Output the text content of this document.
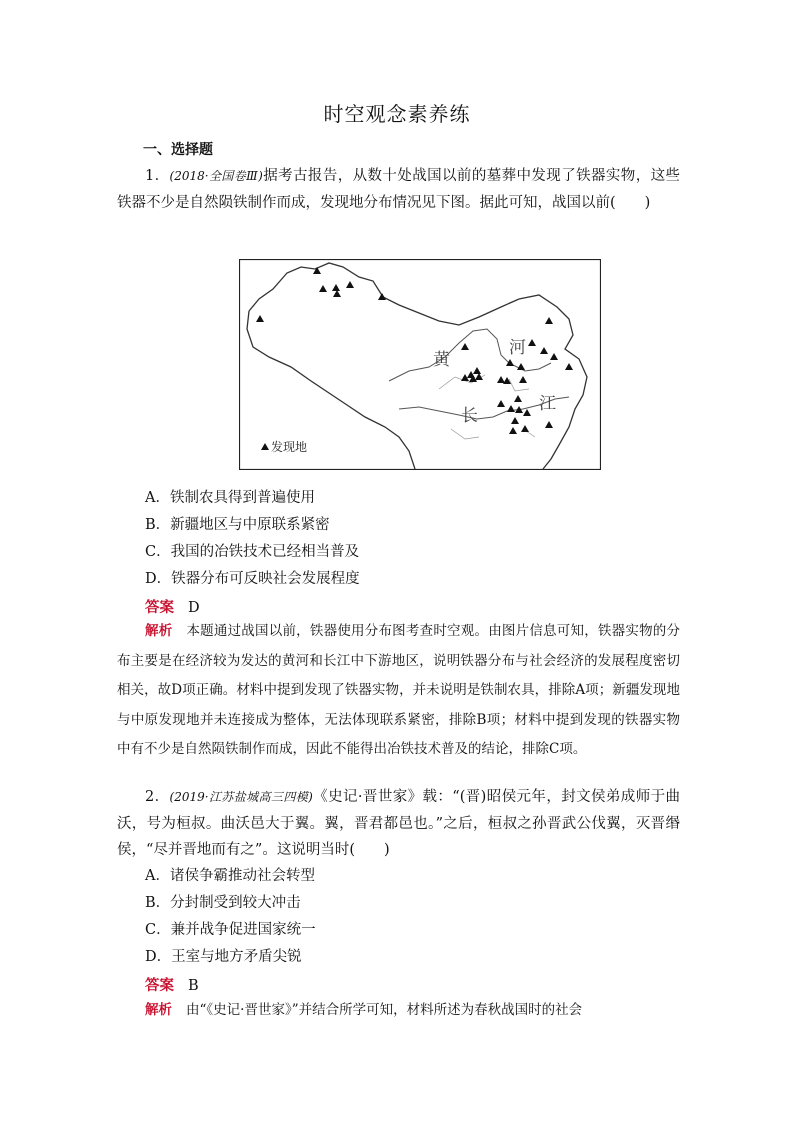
时空观念素养练
一、选择题
1．(2018·全国卷Ⅲ)据考古报告，从数十处战国以前的墓葬中发现了铁器实物，这些铁器不少是自然陨铁制作而成，发现地分布情况见下图。据此可知，战国以前(　　)
黄
河
长
江
发现地
A．铁制农具得到普遍使用
B．新疆地区与中原联系紧密
C．我国的冶铁技术已经相当普及
D．铁器分布可反映社会发展程度
答案 D
解析 本题通过战国以前，铁器使用分布图考查时空观。由图片信息可知，铁器实物的分布主要是在经济较为发达的黄河和长江中下游地区，说明铁器分布与社会经济的发展程度密切相关，故D项正确。材料中提到发现了铁器实物，并未说明是铁制农具，排除A项；新疆发现地与中原发现地并未连接成为整体，无法体现联系紧密，排除B项；材料中提到发现的铁器实物中有不少是自然陨铁制作而成，因此不能得出冶铁技术普及的结论，排除C项。
2．(2019·江苏盐城高三四模)《史记·晋世家》载：“(晋)昭侯元年，封文侯弟成师于曲沃，号为桓叔。曲沃邑大于翼。翼，晋君都邑也。”之后，桓叔之孙晋武公伐翼，灭晋缗侯，“尽并晋地而有之”。这说明当时(　　)
A．诸侯争霸推动社会转型
B．分封制受到较大冲击
C．兼并战争促进国家统一
D．王室与地方矛盾尖锐
答案 B
解析 由“《史记·晋世家》”并结合所学可知，材料所述为春秋战国时的社会
